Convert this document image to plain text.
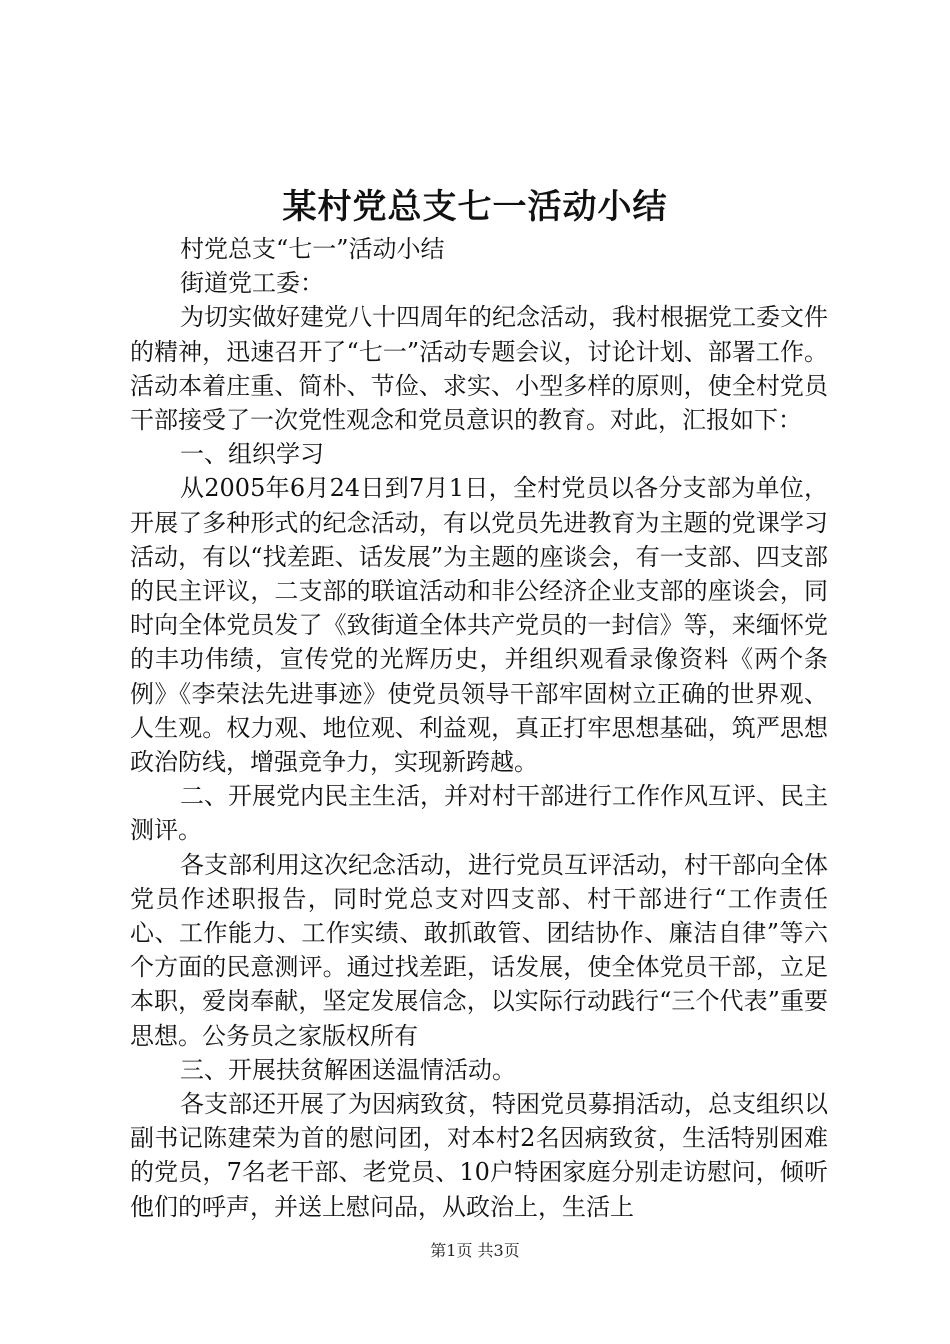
某村党总支七一活动小结

村党总支“七一”活动小结

街道党工委：

为切实做好建党八十四周年的纪念活动，我村根据党工委文件的精神，迅速召开了“七一”活动专题会议，讨论计划、部署工作。活动本着庄重、简朴、节俭、求实、小型多样的原则，使全村党员干部接受了一次党性观念和党员意识的教育。对此，汇报如下：

一、组织学习

从2005年6月24日到7月1日，全村党员以各分支部为单位，开展了多种形式的纪念活动，有以党员先进教育为主题的党课学习活动，有以“找差距、话发展”为主题的座谈会，有一支部、四支部的民主评议，二支部的联谊活动和非公经济企业支部的座谈会，同时向全体党员发了《致街道全体共产党员的一封信》等，来缅怀党的丰功伟绩，宣传党的光辉历史，并组织观看录像资料《两个条例》《李荣法先进事迹》使党员领导干部牢固树立正确的世界观、人生观。权力观、地位观、利益观，真正打牢思想基础，筑严思想政治防线，增强竞争力，实现新跨越。

二、开展党内民主生活，并对村干部进行工作作风互评、民主测评。

各支部利用这次纪念活动，进行党员互评活动，村干部向全体党员作述职报告，同时党总支对四支部、村干部进行“工作责任心、工作能力、工作实绩、敢抓敢管、团结协作、廉洁自律”等六个方面的民意测评。通过找差距，话发展，使全体党员干部，立足本职，爱岗奉献，坚定发展信念，以实际行动践行“三个代表”重要思想。公务员之家版权所有

三、开展扶贫解困送温情活动。

各支部还开展了为因病致贫，特困党员募捐活动，总支组织以副书记陈建荣为首的慰问团，对本村2名因病致贫，生活特别困难的党员，7名老干部、老党员、10户特困家庭分别走访慰问，倾听他们的呼声，并送上慰问品，从政治上，生活上

第1页 共3页
